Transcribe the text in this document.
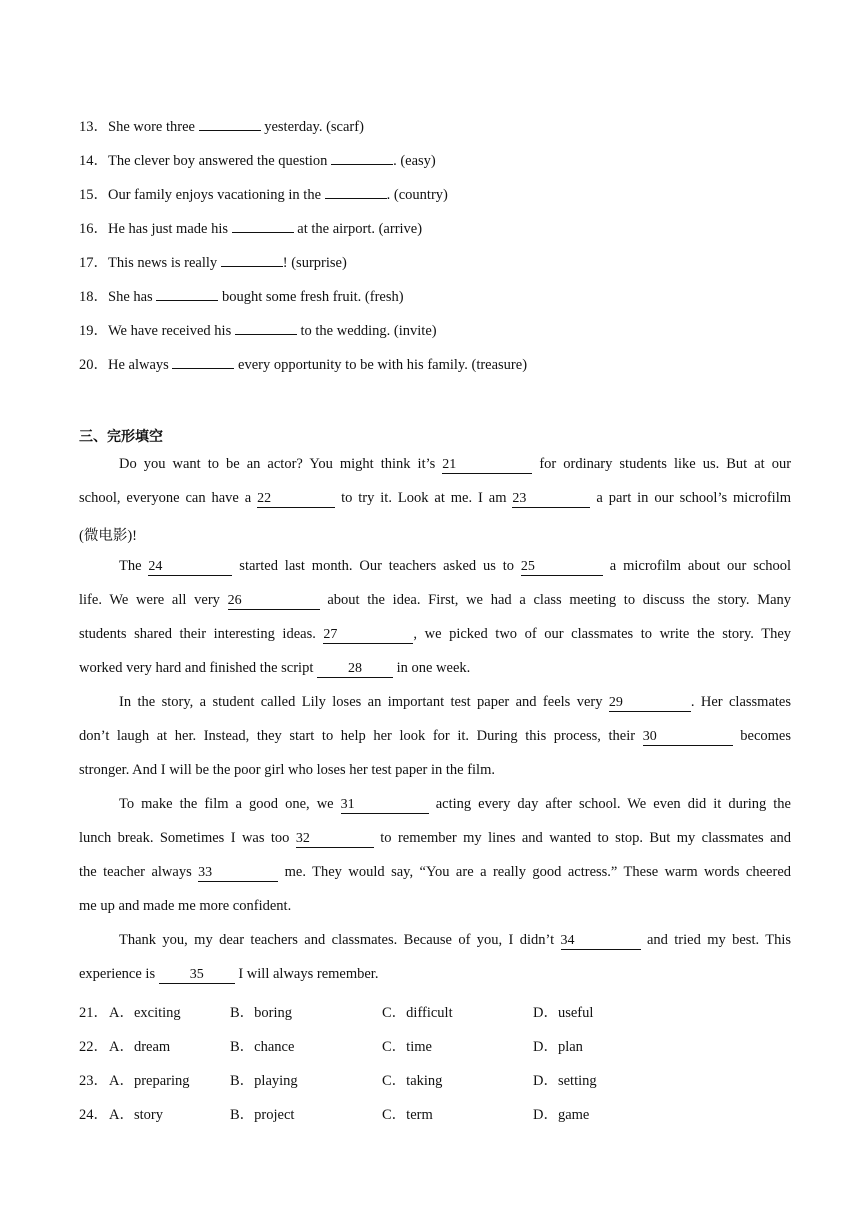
13．She wore three	yesterday. (scarf)
14．The clever boy answered the question	. (easy)
15．Our family enjoys vacationing in the	. (country)
16．He has just made his	at the airport. (arrive)
17．This news is really	! (surprise)
18．She has	bought some fresh fruit. (fresh)
19．We have received his	to the wedding. (invite)
20．He always	every opportunity to be with his family. (treasure)
三、完形填空
Do you want to be an actor? You might think it’s 21	for ordinary students like us. But at our
school, everyone can have a 22	to try it. Look at me. I am 23	a part in our school’s microfilm
(微电影)!
The 24	started last month. Our teachers asked us to 25	a microfilm about our school
life. We were all very 26	about the idea. First, we had a class meeting to discuss the story. Many
students shared their interesting ideas. 27	, we picked two of our classmates to write the story. They
worked very hard and finished the script 28 in one week.
In the story, a student called Lily loses an important test paper and feels very 29	. Her classmates
don’t laugh at her. Instead, they start to help her look for it. During this process, their 30	becomes
stronger. And I will be the poor girl who loses her test paper in the film.
To make the film a good one, we 31	acting every day after school. We even did it during the
lunch break. Sometimes I was too 32	to remember my lines and wanted to stop. But my classmates and
the teacher always 33	me. They would say, “You are a really good actress.” These warm words cheered
me up and made me more confident.
Thank you, my dear teachers and classmates. Because of you, I didn’t 34	and tried my best. This
experience is 35 I will always remember.
21． A．exciting	B．boring	C．difficult	D．useful
22． A．dream	B．chance	C．time	D．plan
23． A．preparing	B．playing	C．taking	D．setting
24． A．story	B．project	C．term	D．game
